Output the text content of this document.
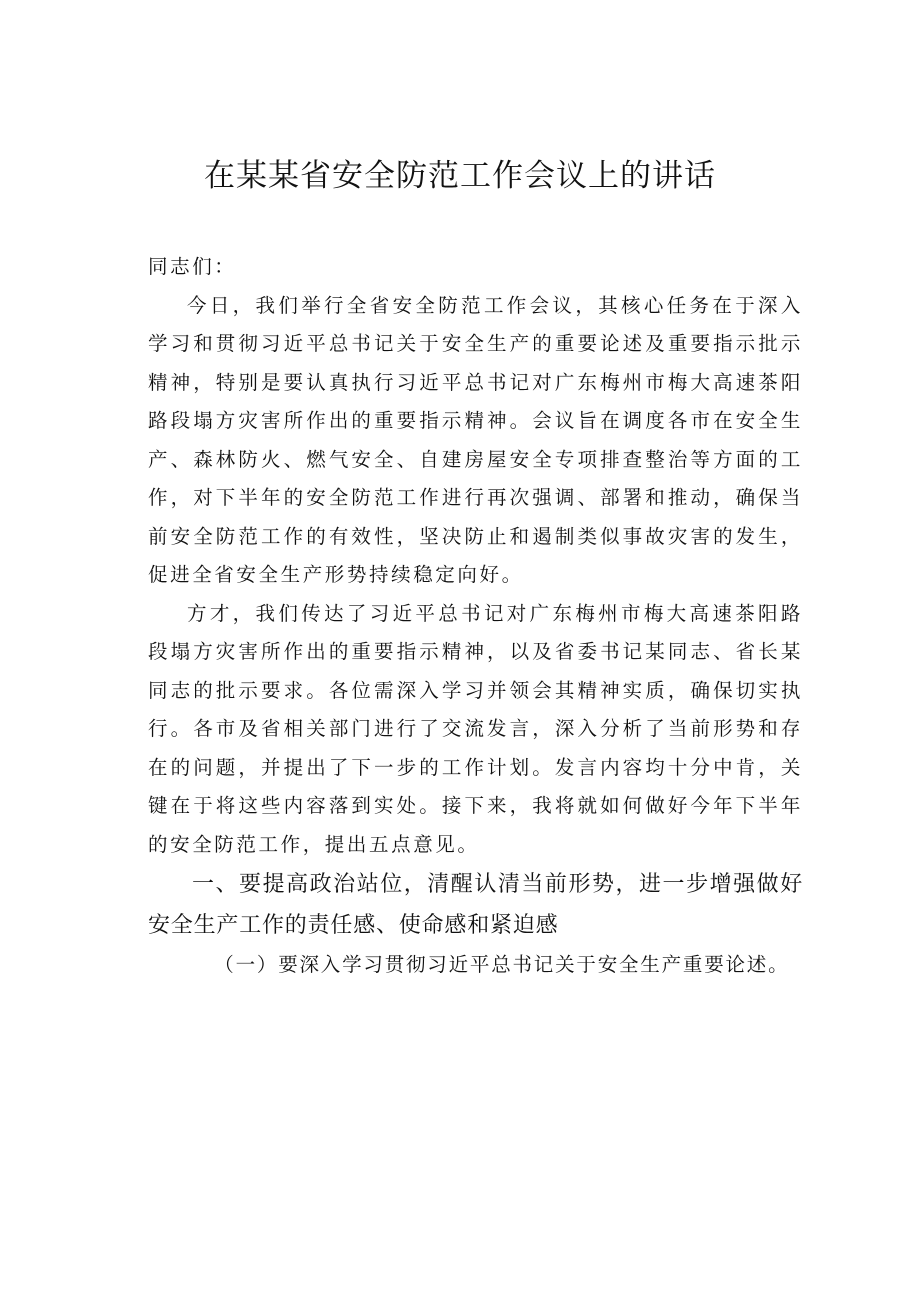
在某某省安全防范工作会议上的讲话

同志们：

今日，我们举行全省安全防范工作会议，其核心任务在于深入学习和贯彻习近平总书记关于安全生产的重要论述及重要指示批示精神，特别是要认真执行习近平总书记对广东梅州市梅大高速茶阳路段塌方灾害所作出的重要指示精神。会议旨在调度各市在安全生产、森林防火、燃气安全、自建房屋安全专项排查整治等方面的工作，对下半年的安全防范工作进行再次强调、部署和推动，确保当前安全防范工作的有效性，坚决防止和遏制类似事故灾害的发生，促进全省安全生产形势持续稳定向好。

方才，我们传达了习近平总书记对广东梅州市梅大高速茶阳路段塌方灾害所作出的重要指示精神，以及省委书记某同志、省长某同志的批示要求。各位需深入学习并领会其精神实质，确保切实执行。各市及省相关部门进行了交流发言，深入分析了当前形势和存在的问题，并提出了下一步的工作计划。发言内容均十分中肯，关键在于将这些内容落到实处。接下来，我将就如何做好今年下半年的安全防范工作，提出五点意见。

一、要提高政治站位，清醒认清当前形势，进一步增强做好安全生产工作的责任感、使命感和紧迫感

（一）要深入学习贯彻习近平总书记关于安全生产重要论述。
